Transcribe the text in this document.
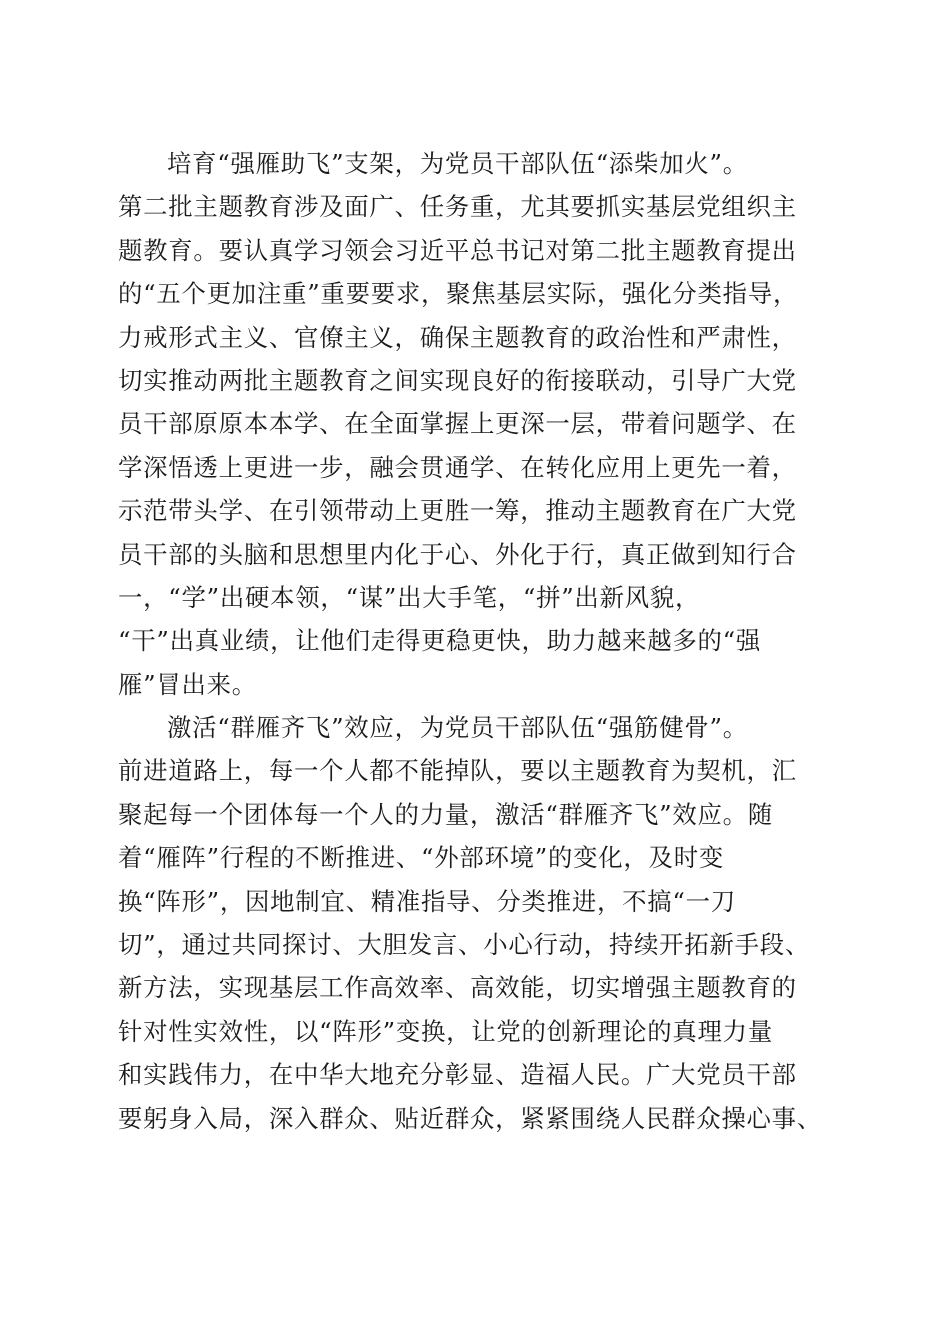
培育“强雁助飞”支架，为党员干部队伍“添柴加火”。
第二批主题教育涉及面广、任务重，尤其要抓实基层党组织主
题教育。要认真学习领会习近平总书记对第二批主题教育提出
的“五个更加注重”重要要求，聚焦基层实际，强化分类指导，
力戒形式主义、官僚主义，确保主题教育的政治性和严肃性，
切实推动两批主题教育之间实现良好的衔接联动，引导广大党
员干部原原本本学、在全面掌握上更深一层，带着问题学、在
学深悟透上更进一步，融会贯通学、在转化应用上更先一着，
示范带头学、在引领带动上更胜一筹，推动主题教育在广大党
员干部的头脑和思想里内化于心、外化于行，真正做到知行合
一，“学”出硬本领，“谋”出大手笔，“拼”出新风貌，
“干”出真业绩，让他们走得更稳更快，助力越来越多的“强
雁”冒出来。
激活“群雁齐飞”效应，为党员干部队伍“强筋健骨”。
前进道路上，每一个人都不能掉队，要以主题教育为契机，汇
聚起每一个团体每一个人的力量，激活“群雁齐飞”效应。随
着“雁阵”行程的不断推进、“外部环境”的变化，及时变
换“阵形”，因地制宜、精准指导、分类推进，不搞“一刀
切”，通过共同探讨、大胆发言、小心行动，持续开拓新手段、
新方法，实现基层工作高效率、高效能，切实增强主题教育的
针对性实效性，以“阵形”变换，让党的创新理论的真理力量
和实践伟力，在中华大地充分彰显、造福人民。广大党员干部
要躬身入局，深入群众、贴近群众，紧紧围绕人民群众操心事、
